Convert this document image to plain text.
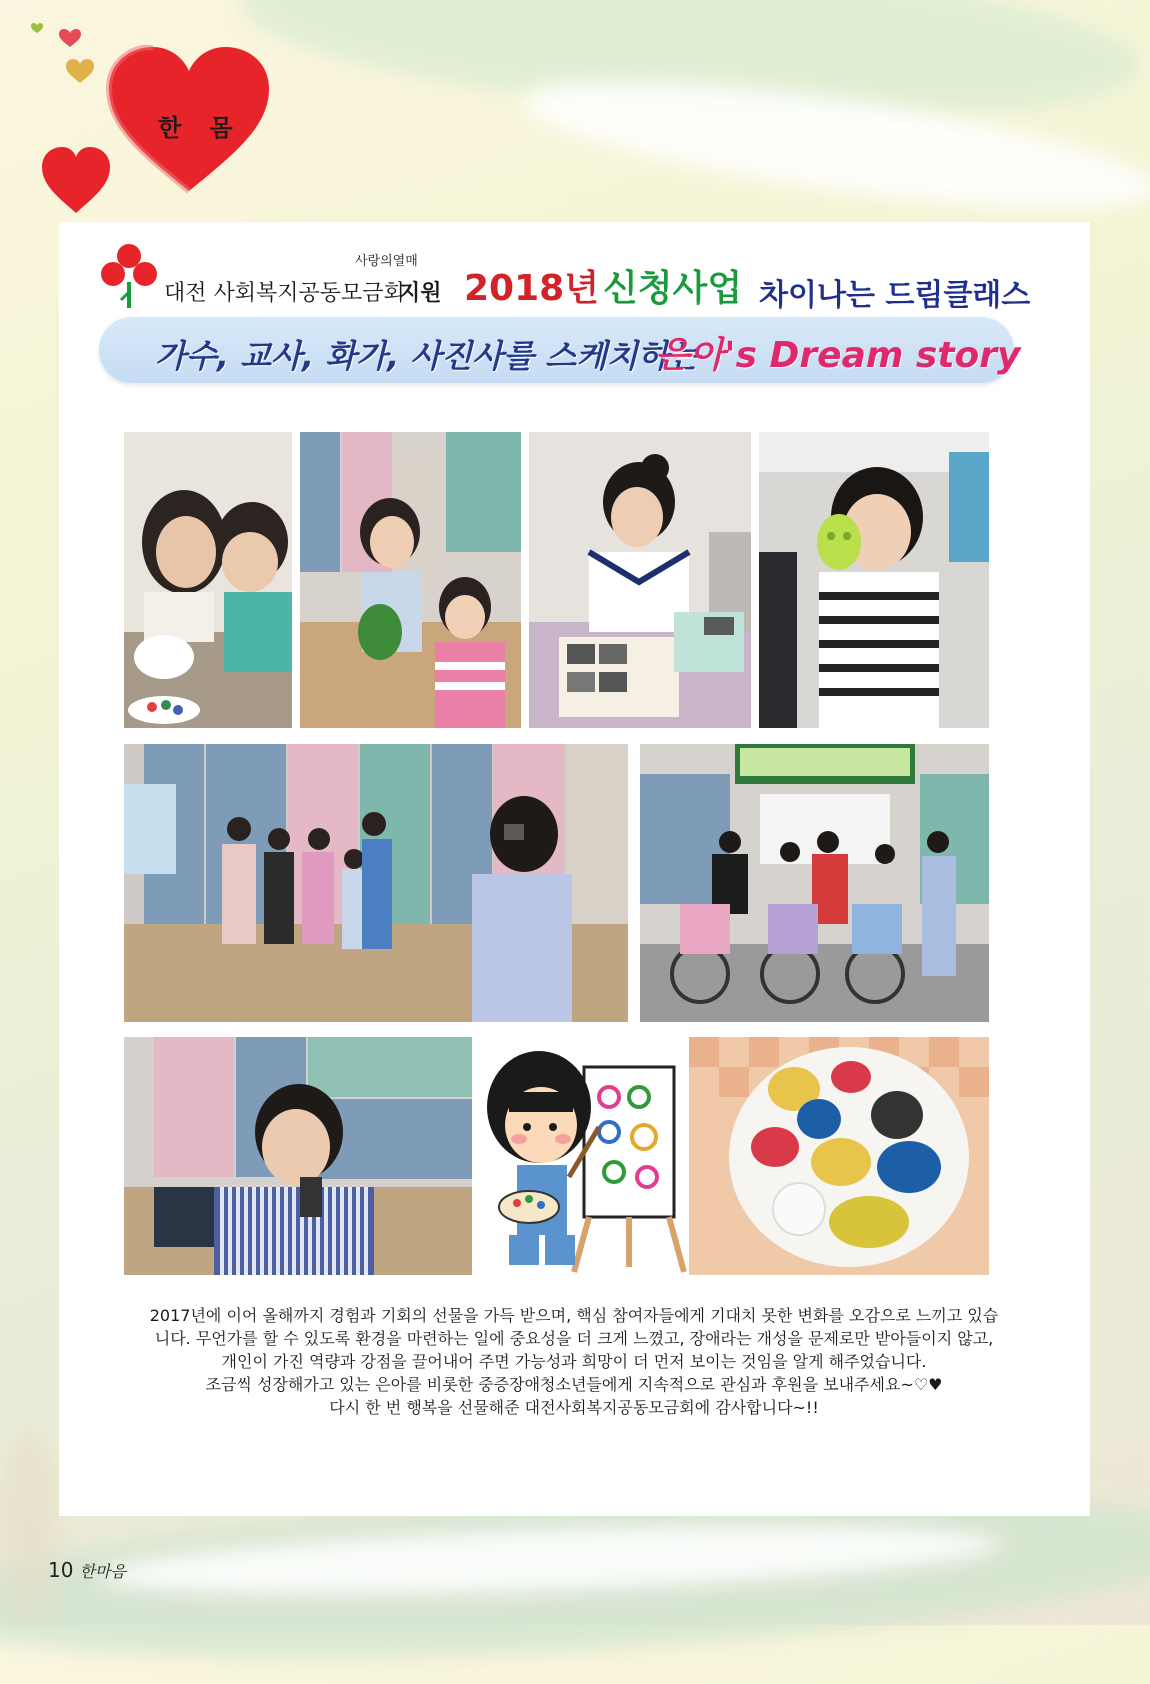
한 몸
사랑의열매
대전 사회복지공동모금회
지원 2018년 신청사업 차이나는 드림클래스
가수, 교사, 화가, 사진사를 스케치하는
은아's Dream story

2017년에 이어 올해까지 경험과 기회의 선물을 가득 받으며, 핵심 참여자들에게 기대치 못한 변화를 오감으로 느끼고 있습

니다. 무언가를 할 수 있도록 환경을 마련하는 일에 중요성을 더 크게 느꼈고, 장애라는 개성을 문제로만 받아들이지 않고,

개인이 가진 역량과 강점을 끌어내어 주면 가능성과 희망이 더 먼저 보이는 것임을 알게 해주었습니다.

조금씩 성장해가고 있는 은아를 비롯한 중증장애청소년들에게 지속적으로 관심과 후원을 보내주세요~♡♥

다시 한 번 행복을 선물해준 대전사회복지공동모금회에 감사합니다~!!

10 한마음
